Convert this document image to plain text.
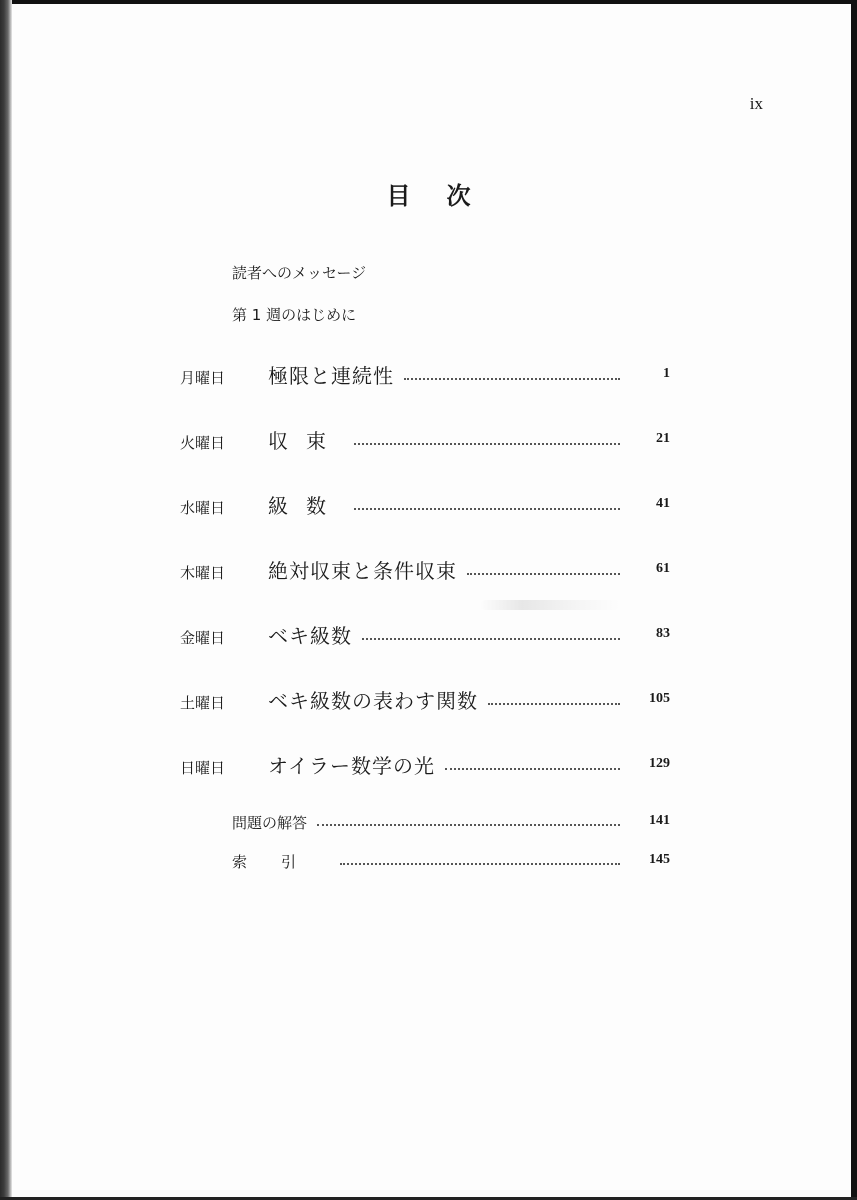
ix
目次
読者へのメッセージ
第 1 週のはじめに
月曜日	極限と連続性	1
火曜日	収束	21
水曜日	級数	41
木曜日	絶対収束と条件収束	61
金曜日	ベキ級数	83
土曜日	ベキ級数の表わす関数	105
日曜日	オイラー数学の光	129
問題の解答	141
索引	145
